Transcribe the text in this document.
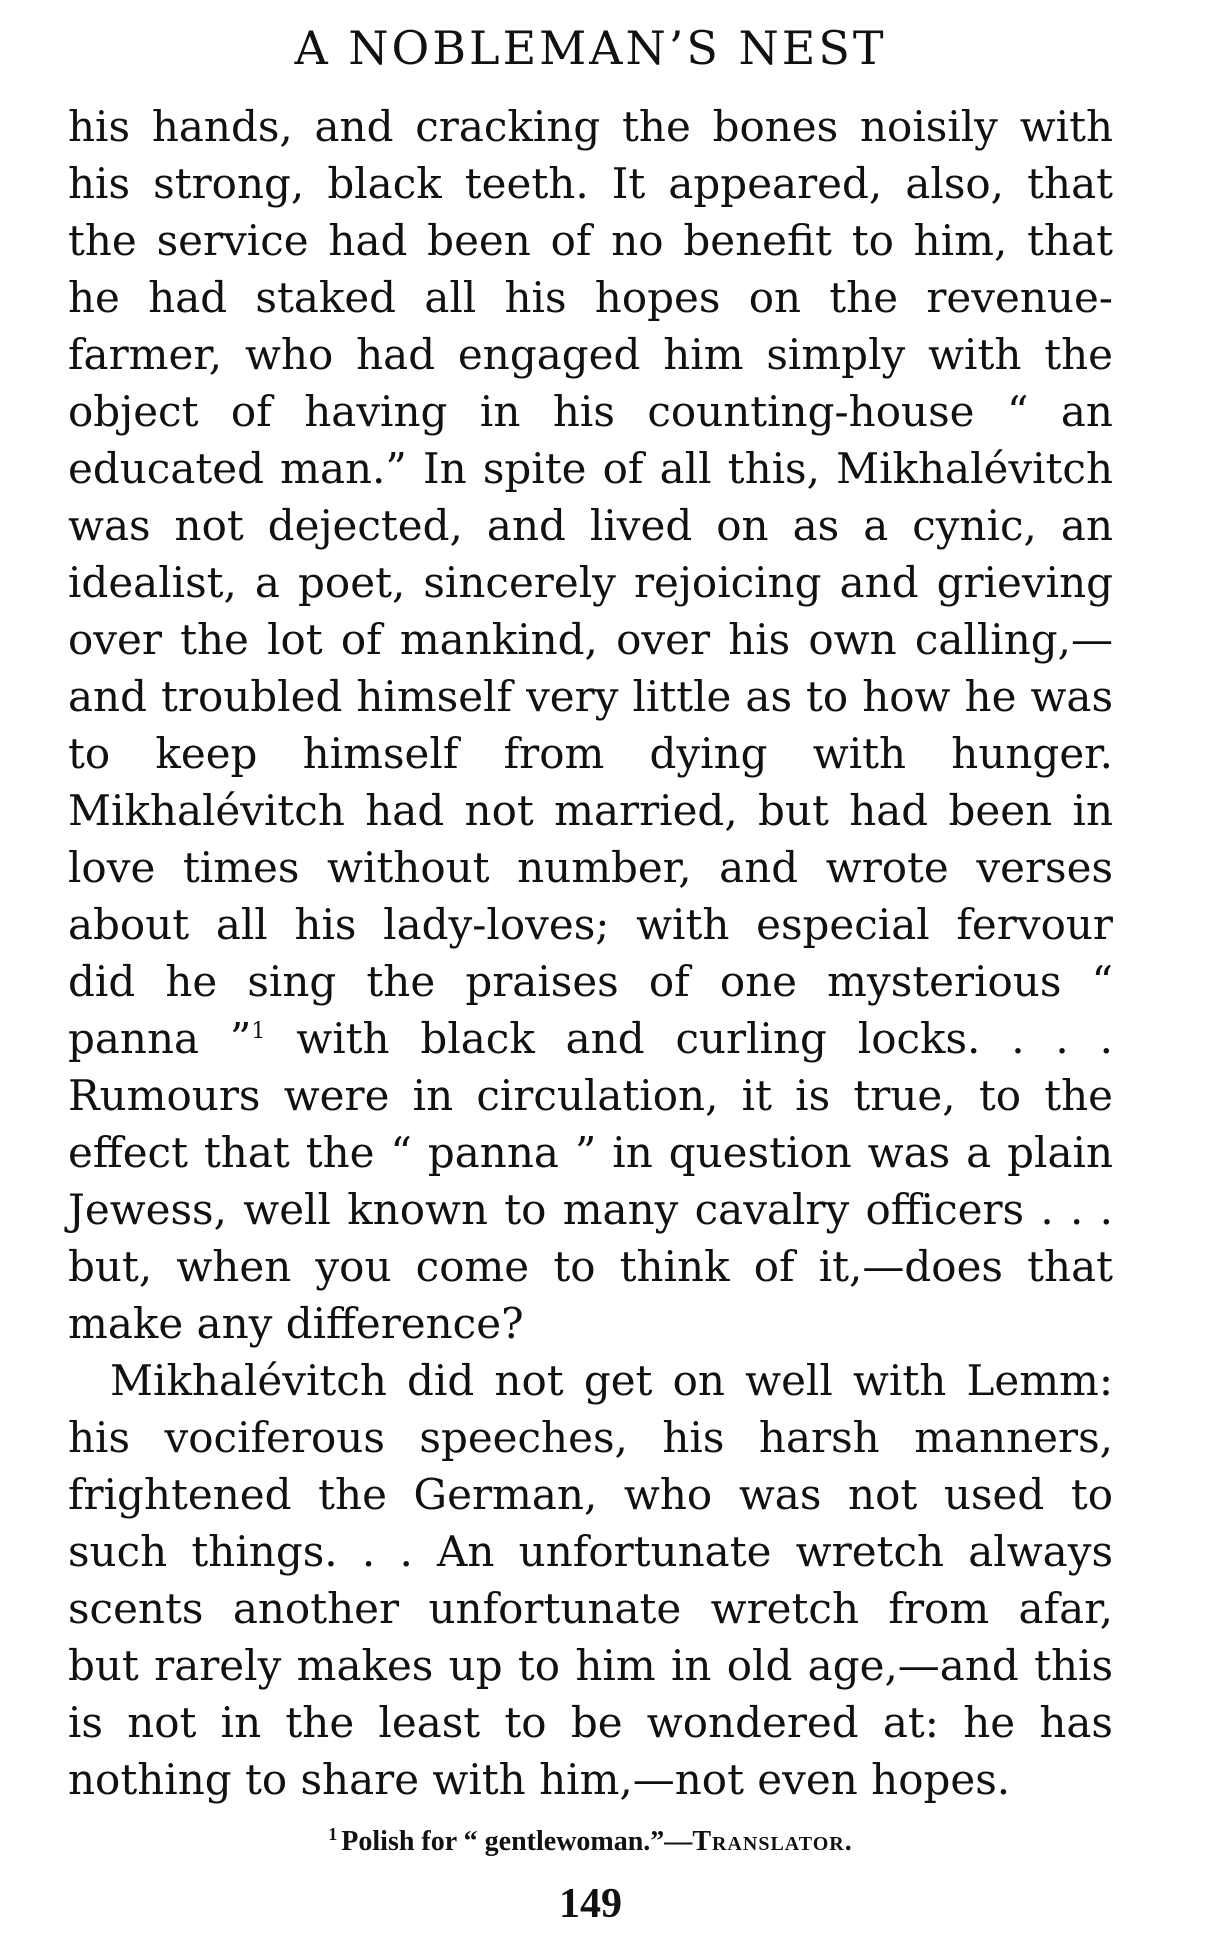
A NOBLEMAN’S NEST

his hands, and cracking the bones noisily with his strong, black teeth. It appeared, also, that the service had been of no benefit to him, that he had staked all his hopes on the revenue-farmer, who had engaged him simply with the object of having in his counting-house “ an educated man.” In spite of all this, Mikhalévitch was not dejected, and lived on as a cynic, an idealist, a poet, sincerely rejoicing and grieving over the lot of mankind, over his own calling,—and troubled himself very little as to how he was to keep himself from dying with hunger. Mikhalévitch had not married, but had been in love times without number, and wrote verses about all his lady-loves; with especial fervour did he sing the praises of one mysterious “ panna ”$^1$ with black and curling locks. . . . Rumours were in circulation, it is true, to the effect that the “ panna ” in question was a plain Jewess, well known to many cavalry officers . . . but, when you come to think of it,—does that make any difference?

Mikhalévitch did not get on well with Lemm: his vociferous speeches, his harsh manners, frightened the German, who was not used to such things. . . An unfortunate wretch always scents another unfortunate wretch from afar, but rarely makes up to him in old age,—and this is not in the least to be wondered at: he has nothing to share with him,—not even hopes.

$^1$ Polish for “ gentlewoman.”—Translator.
149
